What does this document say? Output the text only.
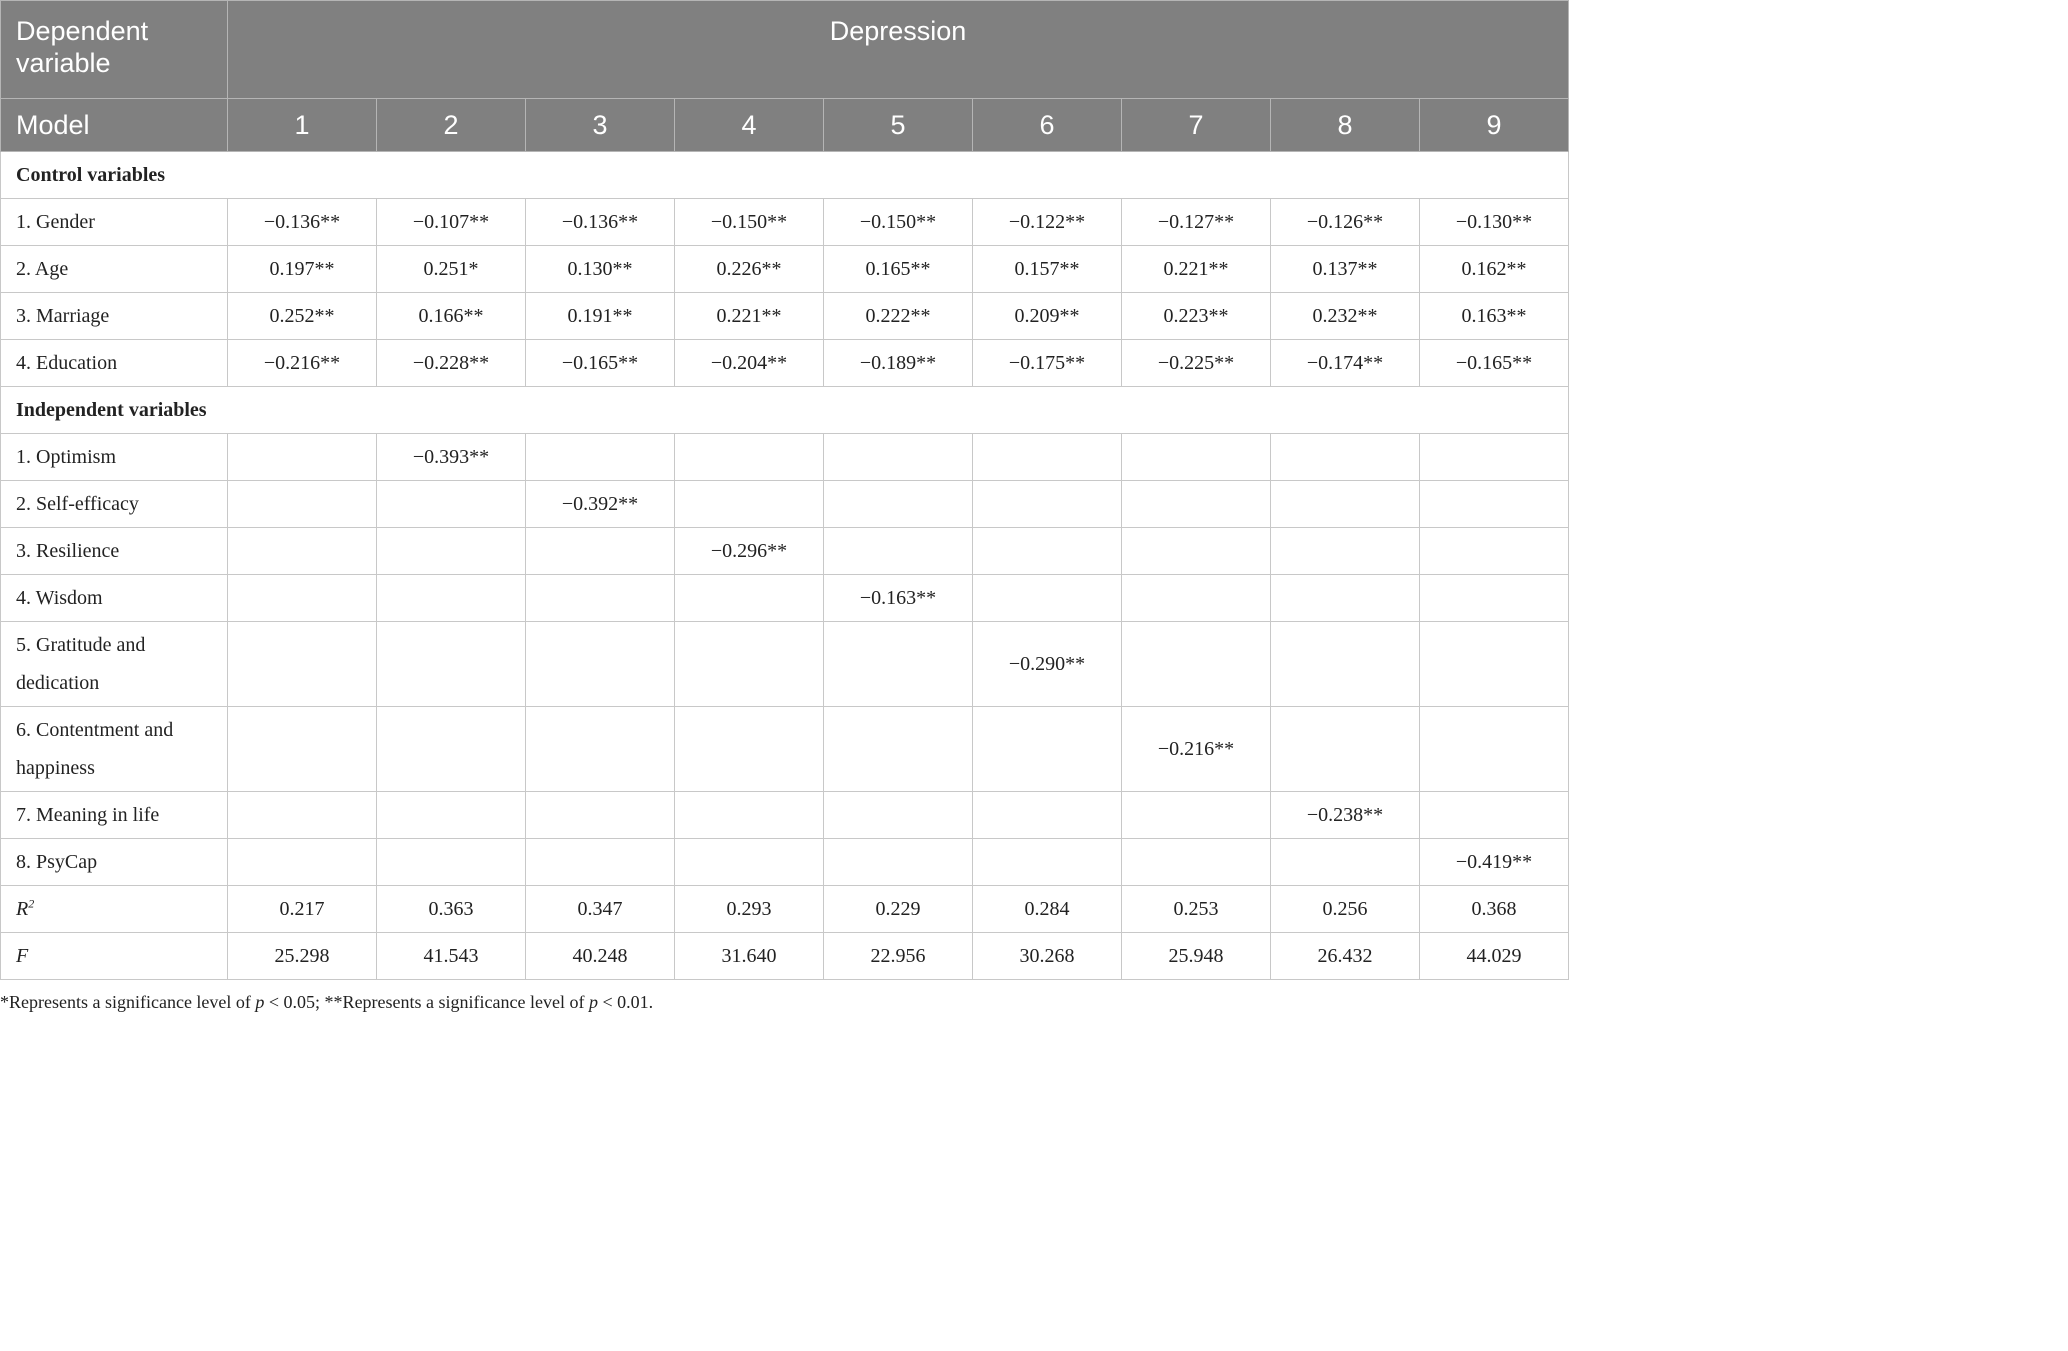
Dependent variable	Depression								
Model	1	2	3	4	5	6	7	8	9
Control variables									
1. Gender	−0.136**	−0.107**	−0.136**	−0.150**	−0.150**	−0.122**	−0.127**	−0.126**	−0.130**
2. Age	0.197**	0.251*	0.130**	0.226**	0.165**	0.157**	0.221**	0.137**	0.162**
3. Marriage	0.252**	0.166**	0.191**	0.221**	0.222**	0.209**	0.223**	0.232**	0.163**
4. Education	−0.216**	−0.228**	−0.165**	−0.204**	−0.189**	−0.175**	−0.225**	−0.174**	−0.165**
Independent variables									
1. Optimism		−0.393**							
2. Self-efficacy			−0.392**						
3. Resilience				−0.296**					
4. Wisdom					−0.163**				
5. Gratitude and dedication						−0.290**			
6. Contentment and happiness							−0.216**		
7. Meaning in life								−0.238**	
8. PsyCap									−0.419**
$R^2$	0.217	0.363	0.347	0.293	0.229	0.284	0.253	0.256	0.368
F	25.298	41.543	40.248	31.640	22.956	30.268	25.948	26.432	44.029
*Represents a significance level of p < 0.05; **Represents a significance level of p < 0.01.
